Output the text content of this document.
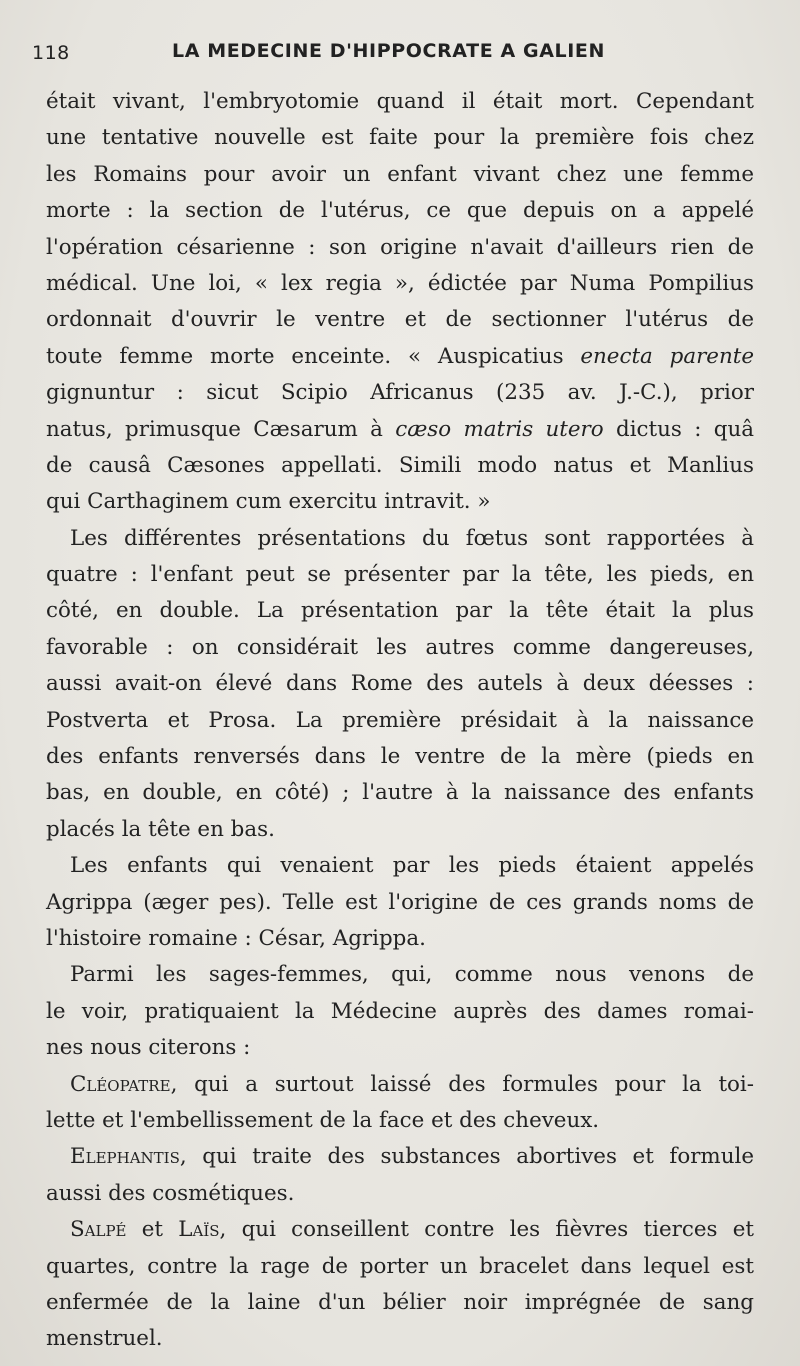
118	LA MEDECINE D'HIPPOCRATE A GALIEN
était vivant, l'embryotomie quand il était mort. Cependant
une tentative nouvelle est faite pour la première fois chez
les Romains pour avoir un enfant vivant chez une femme
morte : la section de l'utérus, ce que depuis on a appelé
l'opération césarienne : son origine n'avait d'ailleurs rien de
médical. Une loi, « lex regia », édictée par Numa Pompilius
ordonnait d'ouvrir le ventre et de sectionner l'utérus de
toute femme morte enceinte. « Auspicatius enecta parente
gignuntur : sicut Scipio Africanus (235 av. J.-C.), prior
natus, primusque Cæsarum à cæso matris utero dictus : quâ
de causâ Cæsones appellati. Simili modo natus et Manlius
qui Carthaginem cum exercitu intravit. »
Les différentes présentations du fœtus sont rapportées à
quatre : l'enfant peut se présenter par la tête, les pieds, en
côté, en double. La présentation par la tête était la plus
favorable : on considérait les autres comme dangereuses,
aussi avait-on élevé dans Rome des autels à deux déesses :
Postverta et Prosa. La première présidait à la naissance
des enfants renversés dans le ventre de la mère (pieds en
bas, en double, en côté) ; l'autre à la naissance des enfants
placés la tête en bas.
Les enfants qui venaient par les pieds étaient appelés
Agrippa (æger pes). Telle est l'origine de ces grands noms de
l'histoire romaine : César, Agrippa.
Parmi les sages-femmes, qui, comme nous venons de
le voir, pratiquaient la Médecine auprès des dames romai-
nes nous citerons :
Cléopatre, qui a surtout laissé des formules pour la toi-
lette et l'embellissement de la face et des cheveux.
Elephantis, qui traite des substances abortives et formule
aussi des cosmétiques.
Salpé et Laïs, qui conseillent contre les fièvres tierces et
quartes, contre la rage de porter un bracelet dans lequel est
enfermée de la laine d'un bélier noir imprégnée de sang
menstruel.
